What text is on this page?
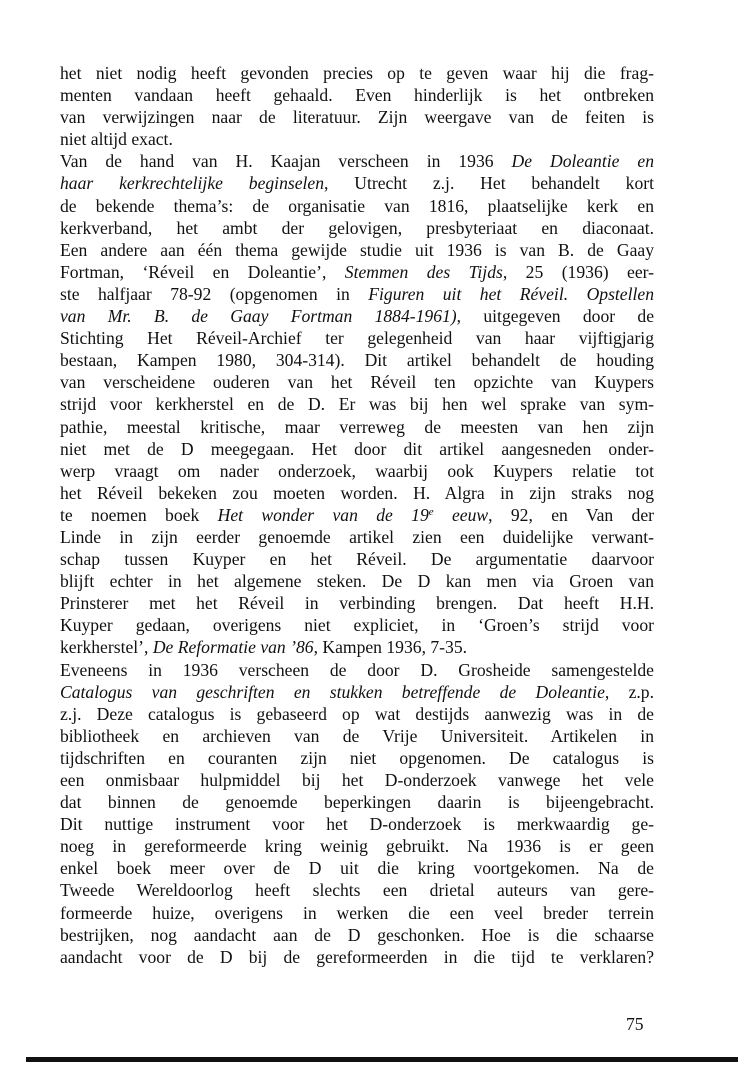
het niet nodig heeft gevonden precies op te geven waar hij die frag-
menten vandaan heeft gehaald. Even hinderlijk is het ontbreken
van verwijzingen naar de literatuur. Zijn weergave van de feiten is
niet altijd exact.
Van de hand van H. Kaajan verscheen in 1936 De Doleantie en
haar kerkrechtelijke beginselen, Utrecht z.j. Het behandelt kort
de bekende thema’s: de organisatie van 1816, plaatselijke kerk en
kerkverband, het ambt der gelovigen, presbyteriaat en diaconaat.
Een andere aan één thema gewijde studie uit 1936 is van B. de Gaay
Fortman, ‘Réveil en Doleantie’, Stemmen des Tijds, 25 (1936) eer-
ste halfjaar 78-92 (opgenomen in Figuren uit het Réveil. Opstellen
van Mr. B. de Gaay Fortman 1884-1961), uitgegeven door de
Stichting Het Réveil-Archief ter gelegenheid van haar vijftigjarig
bestaan, Kampen 1980, 304-314). Dit artikel behandelt de houding
van verscheidene ouderen van het Réveil ten opzichte van Kuypers
strijd voor kerkherstel en de D. Er was bij hen wel sprake van sym-
pathie, meestal kritische, maar verreweg de meesten van hen zijn
niet met de D meegegaan. Het door dit artikel aangesneden onder-
werp vraagt om nader onderzoek, waarbij ook Kuypers relatie tot
het Réveil bekeken zou moeten worden. H. Algra in zijn straks nog
te noemen boek Het wonder van de 19e eeuw, 92, en Van der
Linde in zijn eerder genoemde artikel zien een duidelijke verwant-
schap tussen Kuyper en het Réveil. De argumentatie daarvoor
blijft echter in het algemene steken. De D kan men via Groen van
Prinsterer met het Réveil in verbinding brengen. Dat heeft H.H.
Kuyper gedaan, overigens niet expliciet, in ‘Groen’s strijd voor
kerkherstel’, De Reformatie van ’86, Kampen 1936, 7-35.
Eveneens in 1936 verscheen de door D. Grosheide samengestelde
Catalogus van geschriften en stukken betreffende de Doleantie, z.p.
z.j. Deze catalogus is gebaseerd op wat destijds aanwezig was in de
bibliotheek en archieven van de Vrije Universiteit. Artikelen in
tijdschriften en couranten zijn niet opgenomen. De catalogus is
een onmisbaar hulpmiddel bij het D-onderzoek vanwege het vele
dat binnen de genoemde beperkingen daarin is bijeengebracht.
Dit nuttige instrument voor het D-onderzoek is merkwaardig ge-
noeg in gereformeerde kring weinig gebruikt. Na 1936 is er geen
enkel boek meer over de D uit die kring voortgekomen. Na de
Tweede Wereldoorlog heeft slechts een drietal auteurs van gere-
formeerde huize, overigens in werken die een veel breder terrein
bestrijken, nog aandacht aan de D geschonken. Hoe is die schaarse
aandacht voor de D bij de gereformeerden in die tijd te verklaren?
75
